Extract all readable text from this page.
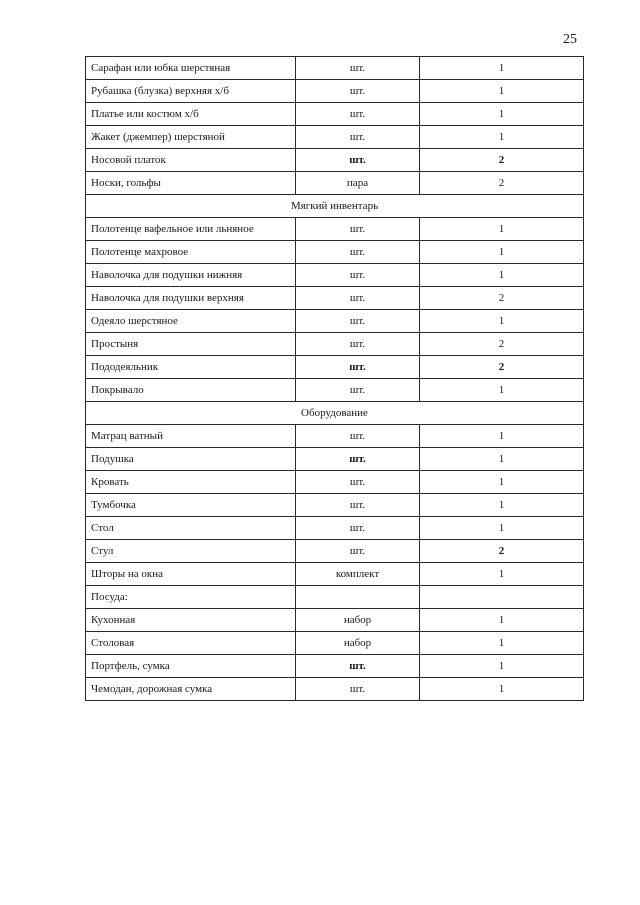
25
Сарафан или юбка шерстяная	шт.	1
Рубашка (блузка) верхняя х/б	шт.	1
Платье или костюм х/б	шт.	1
Жакет (джемпер) шерстяной	шт.	1
Носовой платок	шт.	2
Носки, гольфы	пара	2
Мягкий инвентарь		
Полотенце вафельное или льняное	шт.	1
Полотенце махровое	шт.	1
Наволочка для подушки нижняя	шт.	1
Наволочка для подушки верхняя	шт.	2
Одеяло шерстяное	шт.	1
Простыня	шт.	2
Пододеяльник	шт.	2
Покрывало	шт.	1
Оборудование		
Матрац ватный	шт.	1
Подушка	шт.	1
Кровать	шт.	1
Тумбочка	шт.	1
Стол	шт.	1
Стул	шт.	2
Шторы на окна	комплект	1
Посуда:		
Кухонная	набор	1
Столовая	набор	1
Портфель, сумка	шт.	1
Чемодан, дорожная сумка	шт.	1
